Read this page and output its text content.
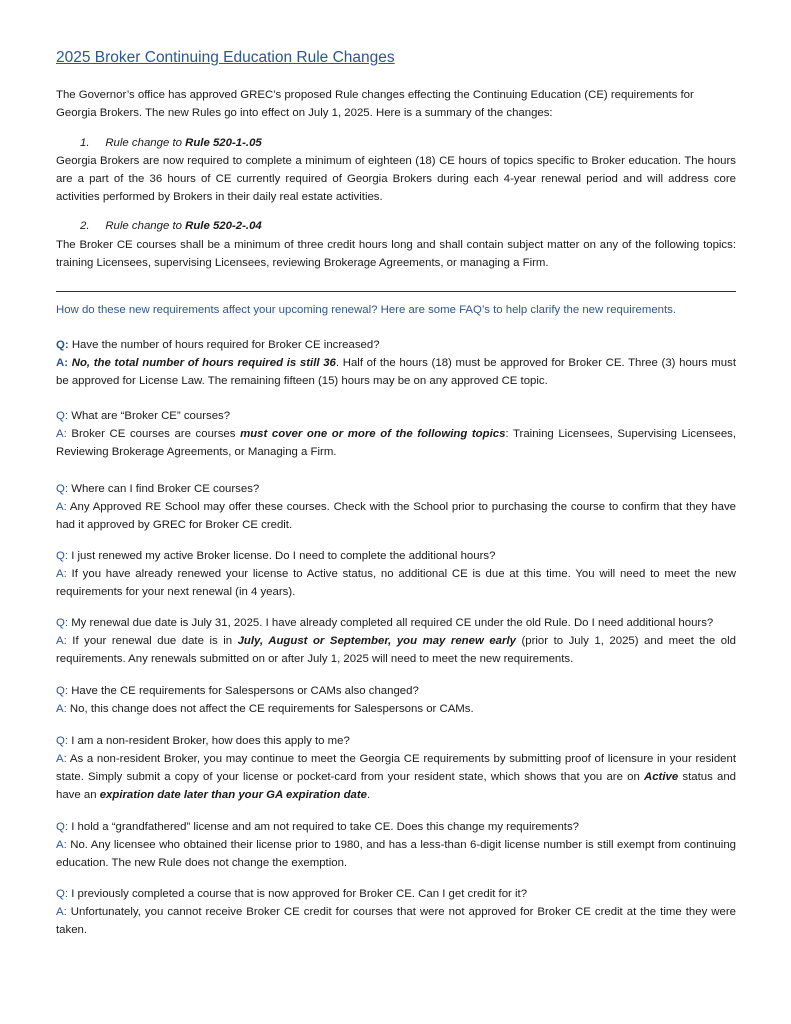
2025 Broker Continuing Education Rule Changes
The Governor’s office has approved GREC’s proposed Rule changes effecting the Continuing Education (CE) requirements for
Georgia Brokers. The new Rules go into effect on July 1, 2025. Here is a summary of the changes:
1. Rule change to Rule 520-1-.05
Georgia Brokers are now required to complete a minimum of eighteen (18) CE hours of topics specific to Broker education. The hours are a part of the 36 hours of CE currently required of Georgia Brokers during each 4-year renewal period and will address core activities performed by Brokers in their daily real estate activities.
2. Rule change to Rule 520-2-.04
The Broker CE courses shall be a minimum of three credit hours long and shall contain subject matter on any of the following topics: training Licensees, supervising Licensees, reviewing Brokerage Agreements, or managing a Firm.
How do these new requirements affect your upcoming renewal? Here are some FAQ’s to help clarify the new requirements.
Q: Have the number of hours required for Broker CE increased?
A: No, the total number of hours required is still 36. Half of the hours (18) must be approved for Broker CE. Three (3) hours must be approved for License Law. The remaining fifteen (15) hours may be on any approved CE topic.
Q: What are “Broker CE” courses?
A: Broker CE courses are courses must cover one or more of the following topics: Training Licensees, Supervising Licensees, Reviewing Brokerage Agreements, or Managing a Firm.
Q: Where can I find Broker CE courses?
A: Any Approved RE School may offer these courses. Check with the School prior to purchasing the course to confirm that they have had it approved by GREC for Broker CE credit.
Q: I just renewed my active Broker license. Do I need to complete the additional hours?
A: If you have already renewed your license to Active status, no additional CE is due at this time. You will need to meet the new requirements for your next renewal (in 4 years).
Q: My renewal due date is July 31, 2025. I have already completed all required CE under the old Rule. Do I need additional hours?
A: If your renewal due date is in July, August or September, you may renew early (prior to July 1, 2025) and meet the old requirements. Any renewals submitted on or after July 1, 2025 will need to meet the new requirements.
Q: Have the CE requirements for Salespersons or CAMs also changed?
A: No, this change does not affect the CE requirements for Salespersons or CAMs.
Q: I am a non-resident Broker, how does this apply to me?
A: As a non-resident Broker, you may continue to meet the Georgia CE requirements by submitting proof of licensure in your resident state. Simply submit a copy of your license or pocket-card from your resident state, which shows that you are on Active status and have an expiration date later than your GA expiration date.
Q: I hold a “grandfathered” license and am not required to take CE. Does this change my requirements?
A: No. Any licensee who obtained their license prior to 1980, and has a less-than 6-digit license number is still exempt from continuing education. The new Rule does not change the exemption.
Q: I previously completed a course that is now approved for Broker CE. Can I get credit for it?
A: Unfortunately, you cannot receive Broker CE credit for courses that were not approved for Broker CE credit at the time they were taken.
